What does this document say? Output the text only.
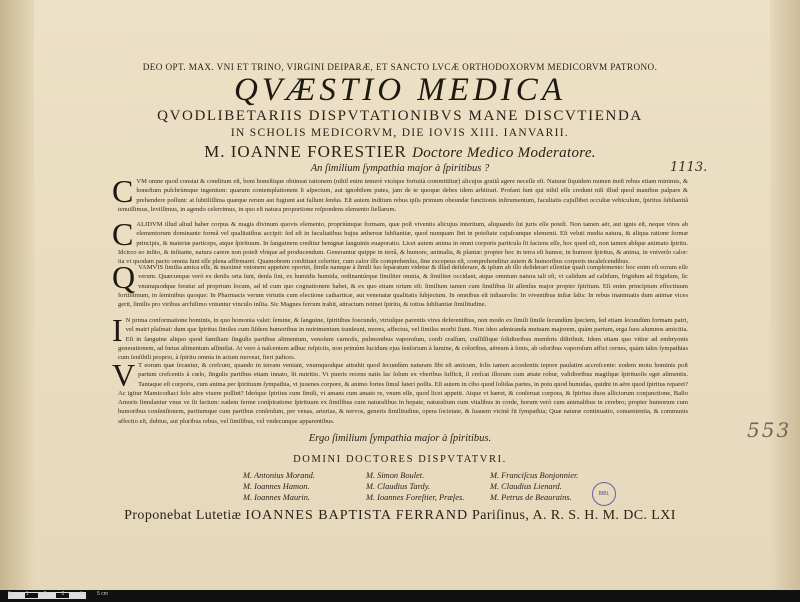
DEO OPT. MAX. VNI ET TRINO, VIRGINI DEIPARÆ, ET SANCTO LVCÆ ORTHODOXORVM MEDICORVM PATRONO.
QVÆSTIO MEDICA
QVODLIBETARIIS DISPVTATIONIBVS MANE DISCVTIENDA
IN SCHOLIS MEDICORVM, DIE IOVIS XIII. IANVARII.
M. IOANNE FORESTIER Doctore Medico Moderatore.
An ſimilium ſympathia major à ſpiritibus ?	1113.
CVM omne quod constat & conditum eſt, boni honeſtique obtineat rationem (nihil enim temerè vicéque fortuità committitur) alicujus gratiâ agere neceſſe eſt. Naturæ ſiquidem numen ineſt rebus etiam minimis, & honeſtum pulchrùmque ingenium: quarum contemplationem ſi aſpectum, aut ignobilem putes, jam de te quoque debes idem arbitrari. Profani ſunt qui nihil eſſe credunt niſi illud quod manibus palpare & prehendere poſſunt: at ſubtiliſſima quæque rerum aut fugiunt aut fallunt ſenſus. Eſt autem inditum rebus ipſis primum obeundæ functionis inſtrumentum, facultatis cujuſlibet occultæ vehiculum, ſpiritus ſubſtantiâ tenuiſſimus, leviſſimus, in agendo celerrimus, in quo eſt natura proportione reſpondens elemento ſtellarum.
CALIDVM illud aliud haber corpus & magis divinum quovis elemento, propriúmque formam, quæ poſt viventis alicujus interitum, aliquando ſui juris eſſe poteſt. Non tamen aër, aut ignis eſt, neque vires ab elementorum dominante formâ vel qualitatibus accipit: ſed eſt in facultatibus hujus æthereæ ſubſtantiæ, quod nunquam ſint in poteſtate cujuſcunque elementi. Eſt veluti media natura, & aliqua ratione ſormæ principis, & materiæ particeps, atque ſpirituum. In ſanguinem creditur benignæ ſanguinis euaporatio. Licet autem anima in omni corporis particula ſit faciens eſſe, hoc quod eſt, non tamen abſque animato ſpiritu. Idcirco eo inſito, & inſitante, natura carere non poteſt vbique ad producendum. Generantur quippe in terrâ, & humore, animalia, & plantæ: propter hoc in terra eſt humor, in humore ſpiritus, & anima, in vniverſo calor: ita vt quodam pacto omnia ſunt eſſe plena affirmaret. Quamobrem conſtituet celeriter, cum calor ille comprehenſus, ſine excepeus eſt, comprehenditur autem & humoribus corporis incaleſcendibus.
QVAMVIS ſimilia amica eſſe, & maximè vnionem appetere oportet, ſimile namque à ſimili ſuo ſeparatum videtur & illud deſiderare, & ipſum ab illo deſiderari eſſentiæ quaſi complemento: hoc enim eſt eorum eſſe verum. Quæcunque verò ex denſis orta ſunt, denſa ſint, ex humidis humida, ordinantúrque ſimiliter omnia, & ſimiliter occidant, atque omnium natura tali eſt, vt calidum ad calidum, frigidum ad frigidum, ſic vnumquodque feratur ad proprium locum, ad id cum quo cognationem habet, & ex quo etiam ortum eſt: ſimilium tamen cum ſimilibus ſit aſſenſus major propter ſpiritum. Eſt enim principium effectiuum fortiſſimum, in ſeminibus quoque: In Pharmacis verum virtutis cum electione catharticæ, aut venenatæ qualitatis ſubjectum. In omnibus eſt inſtaurolis: In viventibus inſtar ſalis: In rebus inanimatis dum animæ vices gerit, ſimilis pro viribus archiſimo vniuntur vinculo inſita. Sic Magnes ferrum trahit, attractum retinet ſpiritu, & totius ſubſtantiæ ſimilitudine.
I N prima conformatione hominis, in quo homonia valet: ſemine, & ſanguine, ſpiritibus foecundo, vtriuſque parentis vires deferentibus, non modo ex ſimili ſimile ſecundùm ſpeciem, ſed etiam ſecundùm formam patri, vel matri plaſmat: dum que ſpiritus ſimiles cum ſiſdem humoribus in nutrimentum tranſeunt, mores, affectus, vel ſimiles morbi ſiunt. Non ideo admiranda mutuam majorem, quàm partum, erga ſuos alumnos amicitia. Eſt in ſanguine aliquo quod familiare ſingulis partibus alimentum, venoſum carnoſis, pulmonibus vaporoſum, cordi craſſum, craſſiſſique ſolidioribus membris diſtribuit. Idem etiam quo vitior ad embryonis generationem, ad fœtus alimentum aſſimilat. At vero à naſcentem adhuc reſpiciis, non primùm lucidum ejus ſenſorium à lumine, & coloribus, aëreum à ſonis, ab odoribus vaporoſum affici cernes, quàm tales ſympathias cum ſenſibili proprio, à ſpiritu omnia in actum moveat, fieri judices.
V T eorum quæ ſecantur, & creſcunt, quando in terram veniant, vnumquodque attrahit quod ſecundùm naturam ſibi eſt amicum, ſolis tamen accedentis tepore paulatim accreſcente: eodem motu hominis poſt partum creſcentis à cœlo, ſingulis partibus etiam innato, ſit nutritio. Vt pueris recens natis lac ſolum ex vberibus ſufficit, ſi creſcat illorum cum ætate robur, validioribus magiſque ſpirituoſis eget alimentis. Tantaque eſt corporis, cum anima per ſpirituum ſympathia, vt juuenes corpore, & animo fortes ſimul fateri poſſis. Eſt autem in cibo quod ſolidas partes, in potu quod humidas, quidni in aëre quod ſpiritus reparet? Ac igitur Mamicodiaci ſolo aëre viuere poſſint? Ideóque ſpiritus cum ſimili, vt amans cum amato re, vnum eſſe, quod licet appetit. Atque vt hæret, & conſeruat corpora, & ſpiritus duos alliciorum conjunctione, Baſio Amoris ſimulantur vnus ve ſit factum: eadem ferme conſpiratione ſpirituum ex ſimilibus cum naturalibus in hepate, naturalium cum vitalibus in corde, horum verò cum animalibus in cerebro; propter humorum cum humoribus conſenſionem, partiumque cum partibus conſenſum, per venas, arterias, & nervos, generis ſimilitudine, opera ſocietate, & ſuauem vicinè fit ſympathia; Quæ naturæ continuatio, conuenientia, & communis affectio eſt, dubius, aut pluribus rebus, vel ſimilibus, vel vndecunque apparentibus.	553
Ergo ſimilium ſympathia major à ſpiritibus.
DOMINI DOCTORES DISPVTATVRI.
M. Antonius Morand.
M. Ioannes Hamon.
M. Ioannes Maurin.
M. Simon Boulet.
M. Claudius Tardy.
M. Ioannes Foreſtier, Præſes.
M. Franciſcus Bonjonnier.
M. Claudius Lienard.
M. Petrus de Beaurains.	BIBL
Proponebat Lutetiæ IOANNES BAPTISTA FERRAND Pariſinus, A. R. S. H. M. DC. LXI
0	1	2	3	4	5 cm
